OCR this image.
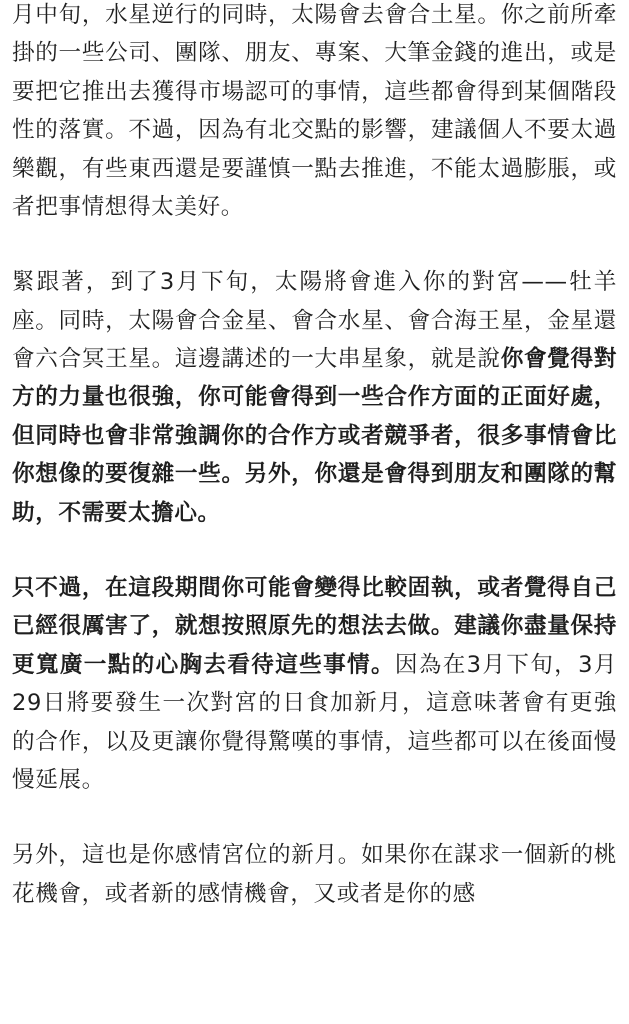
月中旬，水星逆行的同時，太陽會去會合土星。你之前所牽掛的一些公司、團隊、朋友、專案、大筆金錢的進出，或是要把它推出去獲得市場認可的事情，這些都會得到某個階段性的落實。不過，因為有北交點的影響，建議個人不要太過樂觀，有些東西還是要謹慎一點去推進，不能太過膨脹，或者把事情想得太美好。

緊跟著，到了3月下旬，太陽將會進入你的對宮——牡羊座。同時，太陽會合金星、會合水星、會合海王星，金星還會六合冥王星。這邊講述的一大串星象，就是說你會覺得對方的力量也很強，你可能會得到一些合作方面的正面好處，但同時也會非常強調你的合作方或者競爭者，很多事情會比你想像的要復雜一些。另外，你還是會得到朋友和團隊的幫助，不需要太擔心。

只不過，在這段期間你可能會變得比較固執，或者覺得自己已經很厲害了，就想按照原先的想法去做。建議你盡量保持更寬廣一點的心胸去看待這些事情。因為在3月下旬，3月29日將要發生一次對宮的日食加新月，這意味著會有更強的合作，以及更讓你覺得驚嘆的事情，這些都可以在後面慢慢延展。

另外，這也是你感情宮位的新月。如果你在謀求一個新的桃花機會，或者新的感情機會，又或者是你的感
